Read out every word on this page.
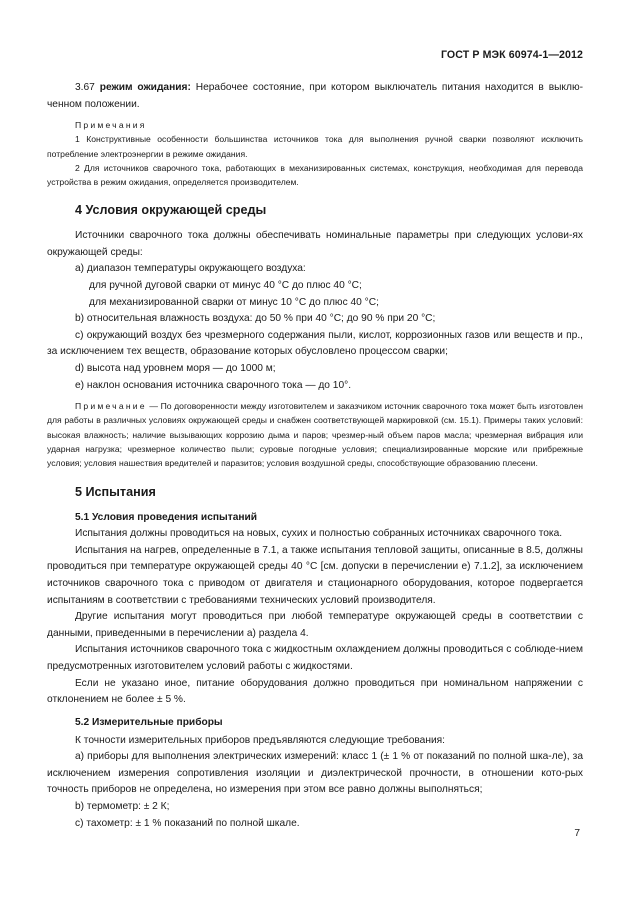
ГОСТ Р МЭК 60974-1—2012

3.67 режим ожидания: Нерабочее состояние, при котором выключатель питания находится в выклю-ченном положении.

Примечания

1 Конструктивные особенности большинства источников тока для выполнения ручной сварки позволяют исключить потребление электроэнергии в режиме ожидания.

2 Для источников сварочного тока, работающих в механизированных системах, конструкция, необходимая для перевода устройства в режим ожидания, определяется производителем.

4 Условия окружающей среды

Источники сварочного тока должны обеспечивать номинальные параметры при следующих услови-ях окружающей среды:

а) диапазон температуры окружающего воздуха:

для ручной дуговой сварки от минус 40 °С до плюс 40 °С;

для механизированной сварки от минус 10 °С до плюс 40 °С;

b) относительная влажность воздуха: до 50 % при 40 °С; до 90 % при 20 °С;

с) окружающий воздух без чрезмерного содержания пыли, кислот, коррозионных газов или веществ и пр., за исключением тех веществ, образование которых обусловлено процессом сварки;

d) высота над уровнем моря — до 1000 м;

е) наклон основания источника сварочного тока — до 10°.

Примечание — По договоренности между изготовителем и заказчиком источник сварочного тока может быть изготовлен для работы в различных условиях окружающей среды и снабжен соответствующей маркировкой (см. 15.1). Примеры таких условий: высокая влажность; наличие вызывающих коррозию дыма и паров; чрезмер-ный объем паров масла; чрезмерная вибрация или ударная нагрузка; чрезмерное количество пыли; суровые погодные условия; специализированные морские или прибрежные условия; условия нашествия вредителей и паразитов; условия воздушной среды, способствующие образованию плесени.

5 Испытания
5.1 Условия проведения испытаний

Испытания должны проводиться на новых, сухих и полностью собранных источниках сварочного тока.

Испытания на нагрев, определенные в 7.1, а также испытания тепловой защиты, описанные в 8.5, должны проводиться при температуре окружающей среды 40 °С [см. допуски в перечислении е) 7.1.2], за исключением источников сварочного тока с приводом от двигателя и стационарного оборудования, которое подвергается испытаниям в соответствии с требованиями технических условий производителя.

Другие испытания могут проводиться при любой температуре окружающей среды в соответствии с данными, приведенными в перечислении а) раздела 4.

Испытания источников сварочного тока с жидкостным охлаждением должны проводиться с соблюде-нием предусмотренных изготовителем условий работы с жидкостями.

Если не указано иное, питание оборудования должно проводиться при номинальном напряжении с отклонением не более ± 5 %.

5.2 Измерительные приборы

К точности измерительных приборов предъявляются следующие требования:

а) приборы для выполнения электрических измерений: класс 1 (± 1 % от показаний по полной шка-ле), за исключением измерения сопротивления изоляции и диэлектрической прочности, в отношении кото-рых точность приборов не определена, но измерения при этом все равно должны выполняться;

b) термометр: ± 2 К;

с) тахометр: ± 1 % показаний по полной шкале.

7
